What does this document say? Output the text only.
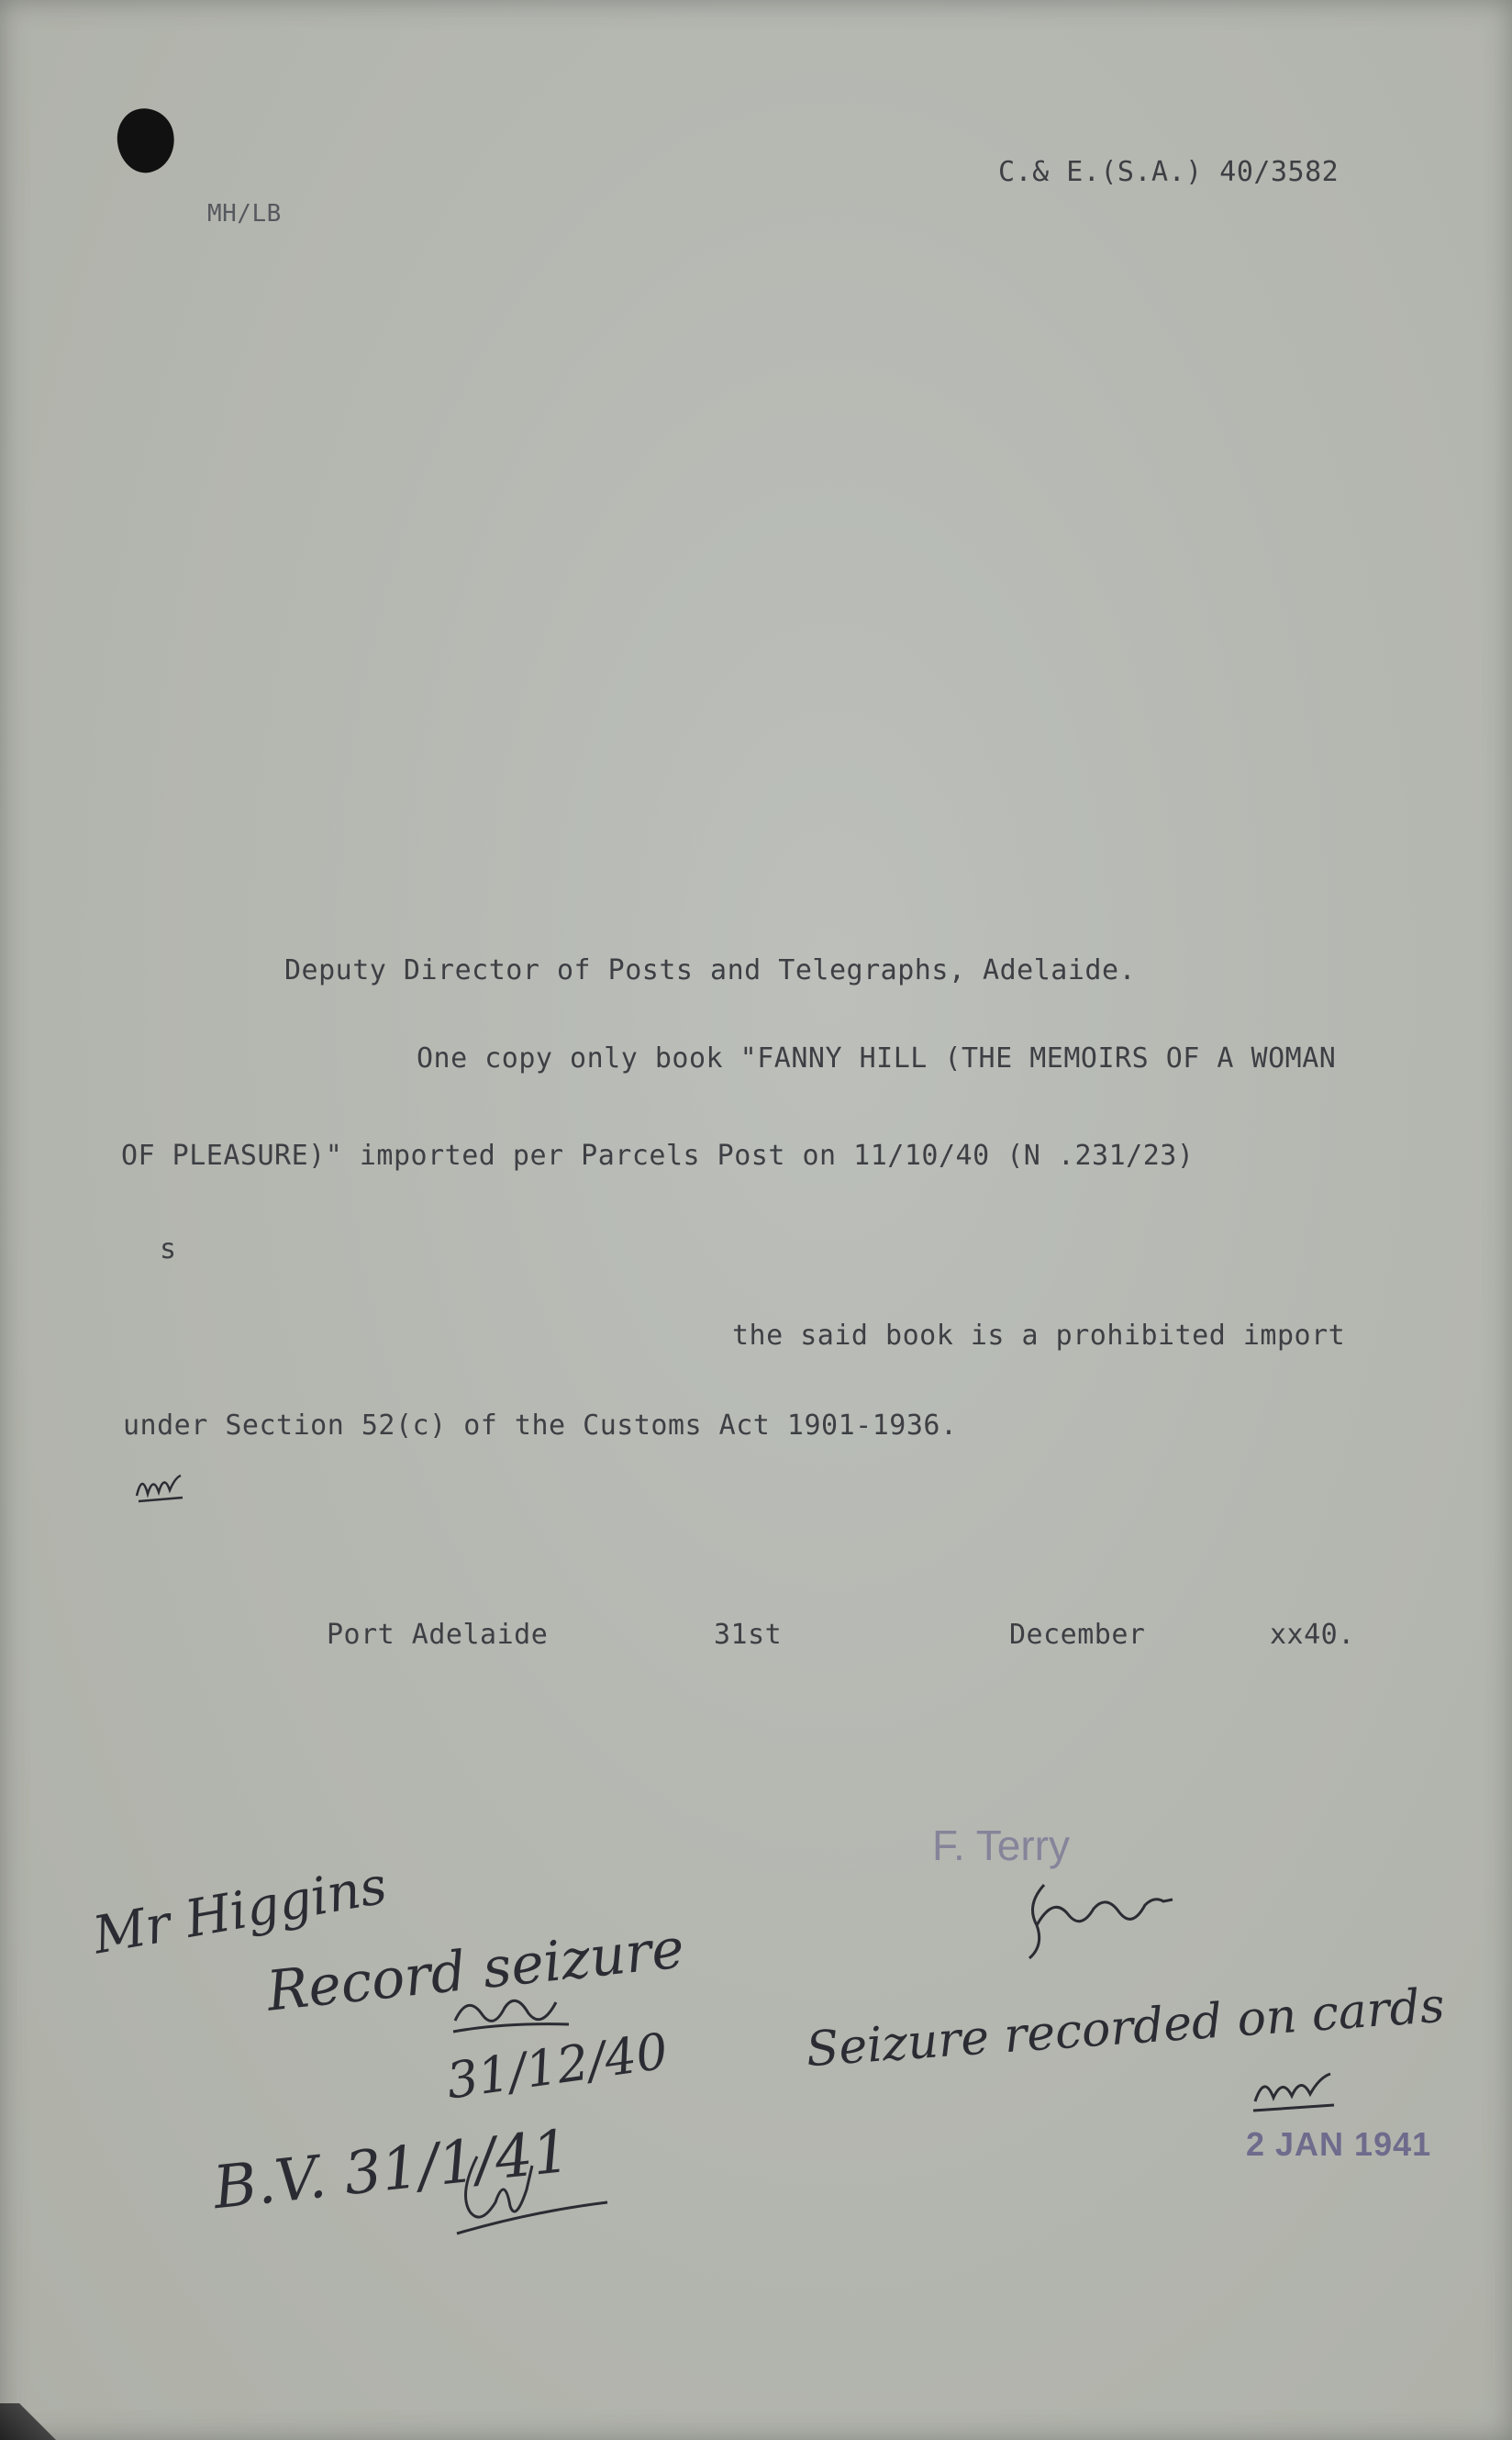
C.& E.(S.A.) 40/3582
MH/LB
Deputy Director of Posts and Telegraphs, Adelaide.
One copy only book "FANNY HILL (THE MEMOIRS OF A WOMAN
OF PLEASURE)" imported per Parcels Post on 11/10/40 (N .231/23)
s
the said book is a prohibited import
under Section 52(c) of the Customs Act 1901-1936.
Port Adelaide	31st	December	xx40.
F. Terry
Mr Higgins
Record seizure
31/12/40
B.V. 31/1/41
Seizure recorded on cards
2 JAN 1941
